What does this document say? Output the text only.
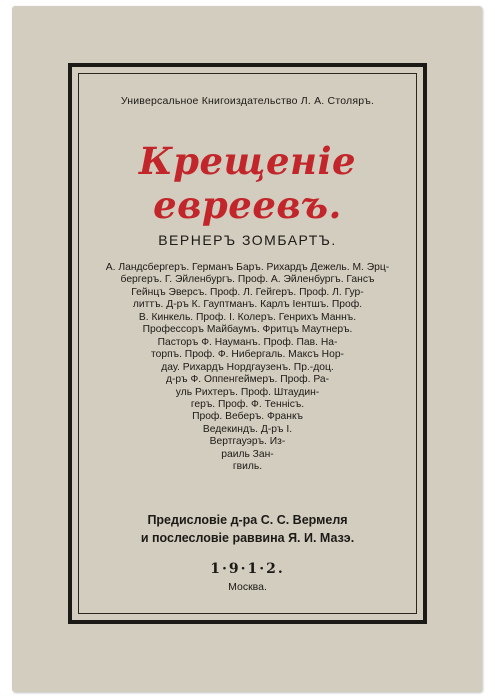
Универсальное Книгоиздательство Л. А. Столяръ.
Крещеніе евреевъ.
ВЕРНЕРЪ ЗОМБАРТЪ.
А. Ландсбергеръ. Германъ Баръ. Рихардъ Дежель. М. Эрц-
бергеръ. Г. Эйленбургъ. Проф. А. Эйленбургъ. Гансъ
Гейнцъ Эверсъ. Проф. Л. Гейгеръ. Проф. Л. Гур-
литтъ. Д-ръ К. Гауптманъ. Карлъ Іентшъ. Проф.
В. Кинкель. Проф. І. Колеръ. Генрихъ Маннъ.
Профессоръ Майбаумъ. Фритцъ Маутнеръ.
Пасторъ Ф. Науманъ. Проф. Пав. На-
торпъ. Проф. Ф. Нибергаль. Максъ Нор-
дау. Рихардъ Нордгаузенъ. Пр.-доц.
д-ръ Ф. Оппенгеймеръ. Проф. Ра-
уль Рихтеръ. Проф. Штаудин-
геръ. Проф. Ф. Теннісъ.
Проф. Веберъ. Франкъ
Ведекиндъ. Д-ръ І.
Вертгауэръ. Из-
раиль Зан-
гвиль.
Предисловіе д-ра С. С. Вермеля
и послесловіе раввина Я. И. Мазэ.
1·9·1·2.
Москва.
